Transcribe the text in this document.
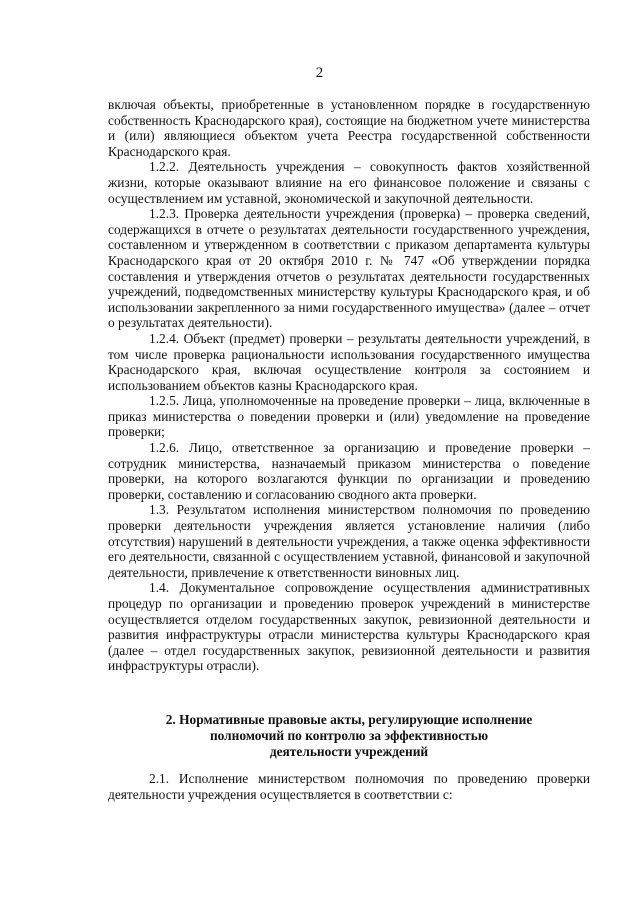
2

включая объекты, приобретенные в установленном порядке в государственную собственность Краснодарского края), состоящие на бюджетном учете министерства и (или) являющиеся объектом учета Реестра государственной собственности Краснодарского края.

1.2.2. Деятельность учреждения – совокупность фактов хозяйственной жизни, которые оказывают влияние на его финансовое положение и связаны с осуществлением им уставной, экономической и закупочной деятельности.

1.2.3. Проверка деятельности учреждения (проверка) – проверка сведений, содержащихся в отчете о результатах деятельности государственного учреждения, составленном и утвержденном в соответствии с приказом департамента культуры Краснодарского края от 20 октября 2010 г. № 747 «Об утверждении порядка составления и утверждения отчетов о результатах деятельности государственных учреждений, подведомственных министерству культуры Краснодарского края, и об использовании закрепленного за ними государственного имущества» (далее – отчет о результатах деятельности).

1.2.4. Объект (предмет) проверки – результаты деятельности учреждений, в том числе проверка рациональности использования государственного имущества Краснодарского края, включая осуществление контроля за состоянием и использованием объектов казны Краснодарского края.

1.2.5. Лица, уполномоченные на проведение проверки – лица, включенные в приказ министерства о поведении проверки и (или) уведомление на проведение проверки;

1.2.6. Лицо, ответственное за организацию и проведение проверки – сотрудник министерства, назначаемый приказом министерства о поведение проверки, на которого возлагаются функции по организации и проведению проверки, составлению и согласованию сводного акта проверки.

1.3. Результатом исполнения министерством полномочия по проведению проверки деятельности учреждения является установление наличия (либо отсутствия) нарушений в деятельности учреждения, а также оценка эффективности его деятельности, связанной с осуществлением уставной, финансовой и закупочной деятельности, привлечение к ответственности виновных лиц.

1.4. Документальное сопровождение осуществления административных процедур по организации и проведению проверок учреждений в министерстве осуществляется отделом государственных закупок, ревизионной деятельности и развития инфраструктуры отрасли министерства культуры Краснодарского края (далее – отдел государственных закупок, ревизионной деятельности и развития инфраструктуры отрасли).

2. Нормативные правовые акты, регулирующие исполнение
полномочий по контролю за эффективностью
деятельности учреждений

2.1. Исполнение министерством полномочия по проведению проверки деятельности учреждения осуществляется в соответствии с:
